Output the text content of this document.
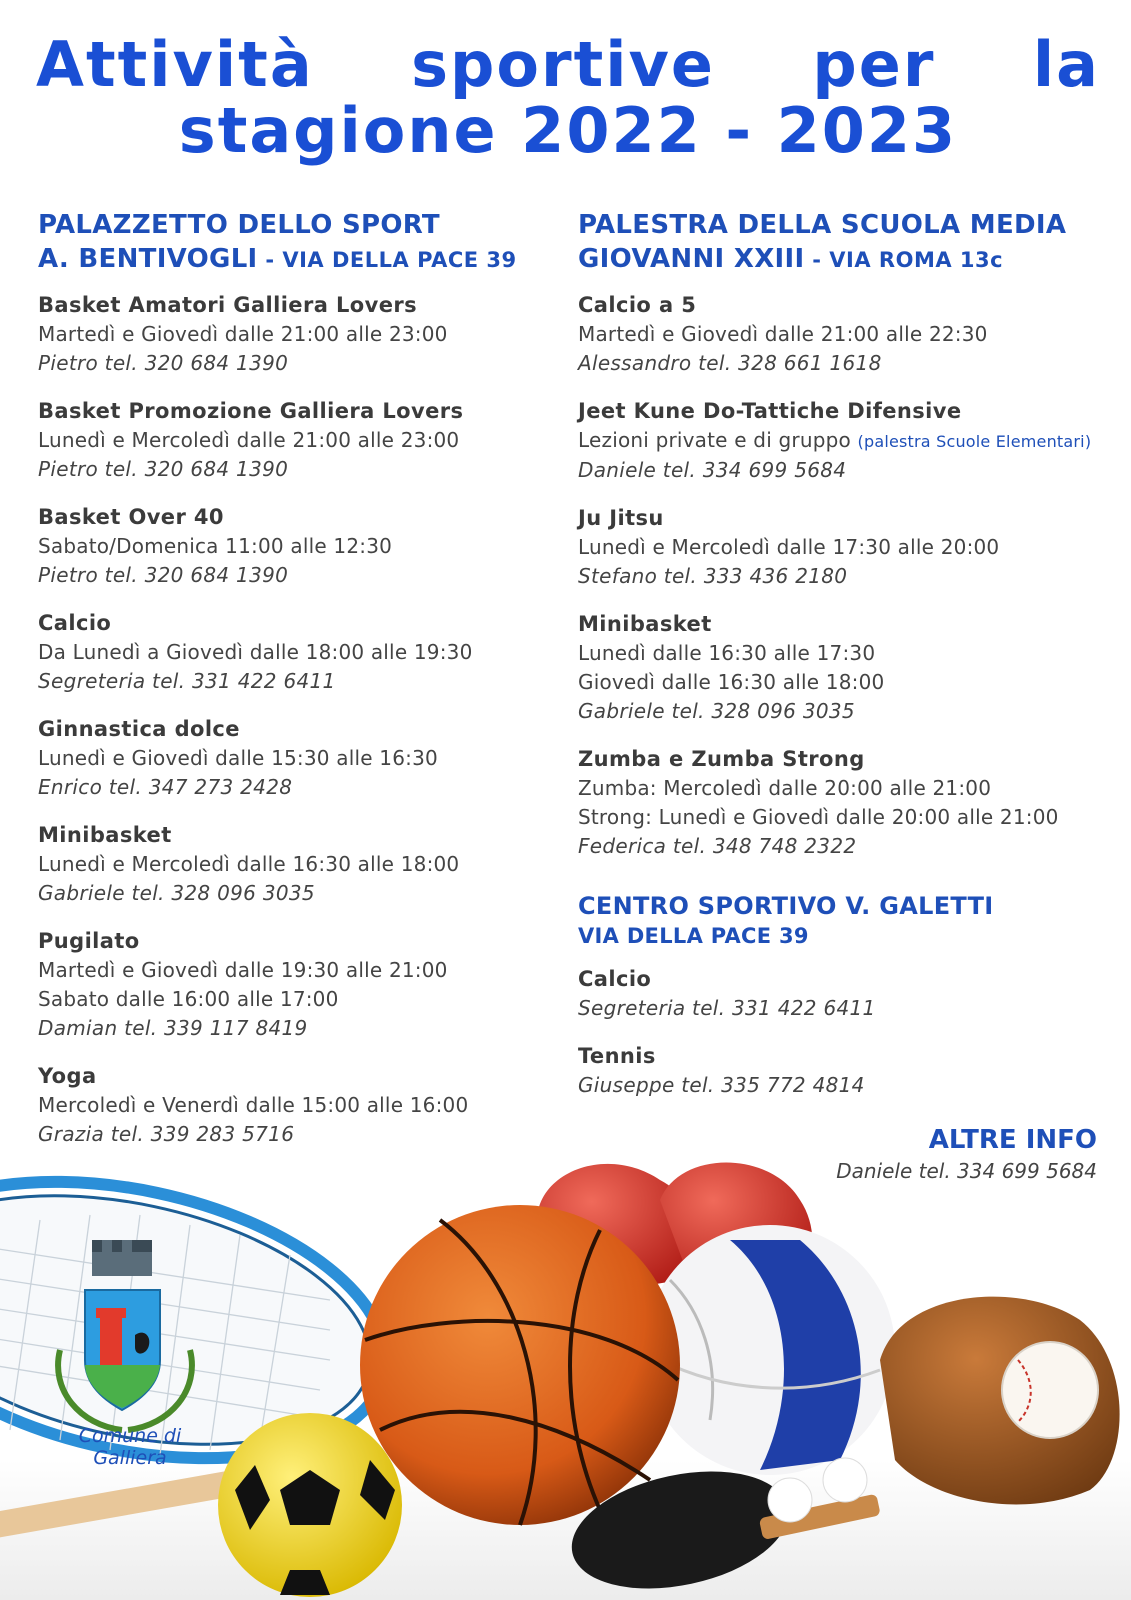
Attività sportive per la
stagione 2022 - 2023
PALAZZETTO DELLO SPORT
A. BENTIVOGLI - VIA DELLA PACE 39
Basket Amatori Galliera Lovers
Martedì e Giovedì dalle 21:00 alle 23:00
Pietro tel. 320 684 1390
Basket Promozione Galliera Lovers
Lunedì e Mercoledì dalle 21:00 alle 23:00
Pietro tel. 320 684 1390
Basket Over 40
Sabato/Domenica 11:00 alle 12:30
Pietro tel. 320 684 1390
Calcio
Da Lunedì a Giovedì dalle 18:00 alle 19:30
Segreteria tel. 331 422 6411
Ginnastica dolce
Lunedì e Giovedì dalle 15:30 alle 16:30
Enrico tel. 347 273 2428
Minibasket
Lunedì e Mercoledì dalle 16:30 alle 18:00
Gabriele tel. 328 096 3035
Pugilato
Martedì e Giovedì dalle 19:30 alle 21:00
Sabato dalle 16:00 alle 17:00
Damian tel. 339 117 8419
Yoga
Mercoledì e Venerdì dalle 15:00 alle 16:00
Grazia tel. 339 283 5716
PALESTRA DELLA SCUOLA MEDIA
GIOVANNI XXIII - VIA ROMA 13c
Calcio a 5
Martedì e Giovedì dalle 21:00 alle 22:30
Alessandro tel. 328 661 1618
Jeet Kune Do-Tattiche Difensive
Lezioni private e di gruppo (palestra Scuole Elementari)
Daniele tel. 334 699 5684
Ju Jitsu
Lunedì e Mercoledì dalle 17:30 alle 20:00
Stefano tel. 333 436 2180
Minibasket
Lunedì dalle 16:30 alle 17:30
Giovedì dalle 16:30 alle 18:00
Gabriele tel. 328 096 3035
Zumba e Zumba Strong
Zumba: Mercoledì dalle 20:00 alle 21:00
Strong: Lunedì e Giovedì dalle 20:00 alle 21:00
Federica tel. 348 748 2322
CENTRO SPORTIVO V. GALETTI
VIA DELLA PACE 39
Calcio
Segreteria tel. 331 422 6411
Tennis
Giuseppe tel. 335 772 4814
ALTRE INFO
Daniele tel. 334 699 5684
Comune di Galliera
